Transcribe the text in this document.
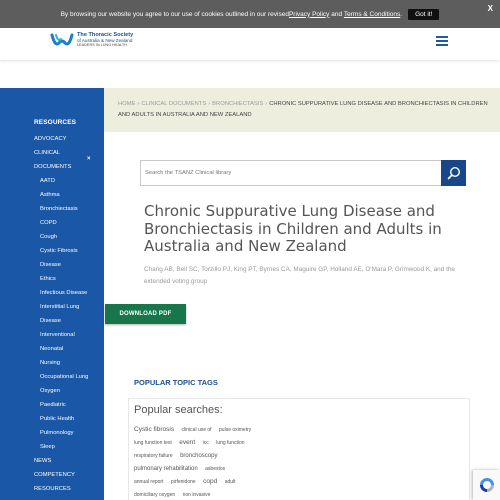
By browsing our website you agree to our use of cookies outlined in our revised Privacy Policy and Terms & Conditions .	Got it!
X
The Thoracic Society
of Australia & New Zealand
LEADERS IN LUNG HEALTH
RESOURCES
ADVOCACY
CLINICAL
DOCUMENTS
×
AATD
Asthma
Bronchiectasis
COPD
Cough
Cystic Fibrosis
Disease
Ethics
Infectious Disease
Interstitial Lung
Disease
Interventional
Neonatal
Nursing
Occupational Lung
Oxygen
Paediatric
Public Health
Pulmonology
Sleep
NEWS
COMPETENCY
RESOURCES
HOME › CLINICAL DOCUMENTS › BRONCHIECTASIS › CHRONIC SUPPURATIVE LUNG DISEASE AND BRONCHIECTASIS IN CHILDREN AND ADULTS IN AUSTRALIA AND NEW ZEALAND
Search the TSANZ Clinical library
Chronic Suppurative Lung Disease and Bronchiectasis in Children and Adults in Australia and New Zealand
Chang AB, Bell SC, Torzillo PJ, King PT, Byrnes CA, Maguire GP, Holland AE, O'Mara P, Grimwood K, and the extended voting group
DOWNLOAD PDF
POPULAR TOPIC TAGS
Popular searches:
Cystic fibrosis clinical use of pulse oximetry lung function test event icc lung function respiratory failure bronchoscopy pulmonary rehabilitation asbestos annual report pirfenidone copd adult domiciliary oxygen non invasive
